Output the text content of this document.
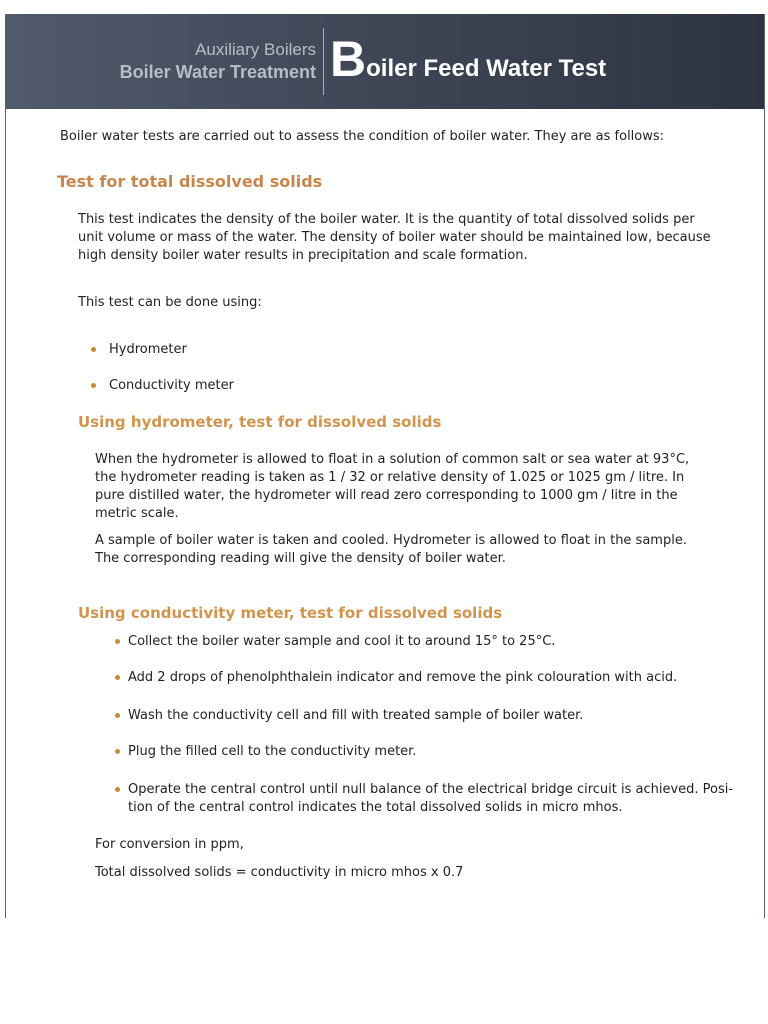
Auxiliary Boilers
Boiler Water Treatment Boiler Feed Water Test
Boiler water tests are carried out to assess the condition of boiler water. They are as follows:
Test for total dissolved solids
This test indicates the density of the boiler water. It is the quantity of total dissolved solids per
unit volume or mass of the water. The density of boiler water should be maintained low, because
high density boiler water results in precipitation and scale formation.
This test can be done using:
Hydrometer
Conductivity meter
Using hydrometer, test for dissolved solids
When the hydrometer is allowed to float in a solution of common salt or sea water at 93°C,
the hydrometer reading is taken as 1 / 32 or relative density of 1.025 or 1025 gm / litre. In
pure distilled water, the hydrometer will read zero corresponding to 1000 gm / litre in the
metric scale.
A sample of boiler water is taken and cooled. Hydrometer is allowed to float in the sample.
The corresponding reading will give the density of boiler water.
Using conductivity meter, test for dissolved solids
Collect the boiler water sample and cool it to around 15° to 25°C.
Add 2 drops of phenolphthalein indicator and remove the pink colouration with acid.
Wash the conductivity cell and fill with treated sample of boiler water.
Plug the filled cell to the conductivity meter.
Operate the central control until null balance of the electrical bridge circuit is achieved. Posi-
tion of the central control indicates the total dissolved solids in micro mhos.
For conversion in ppm,
Total dissolved solids = conductivity in micro mhos x 0.7
